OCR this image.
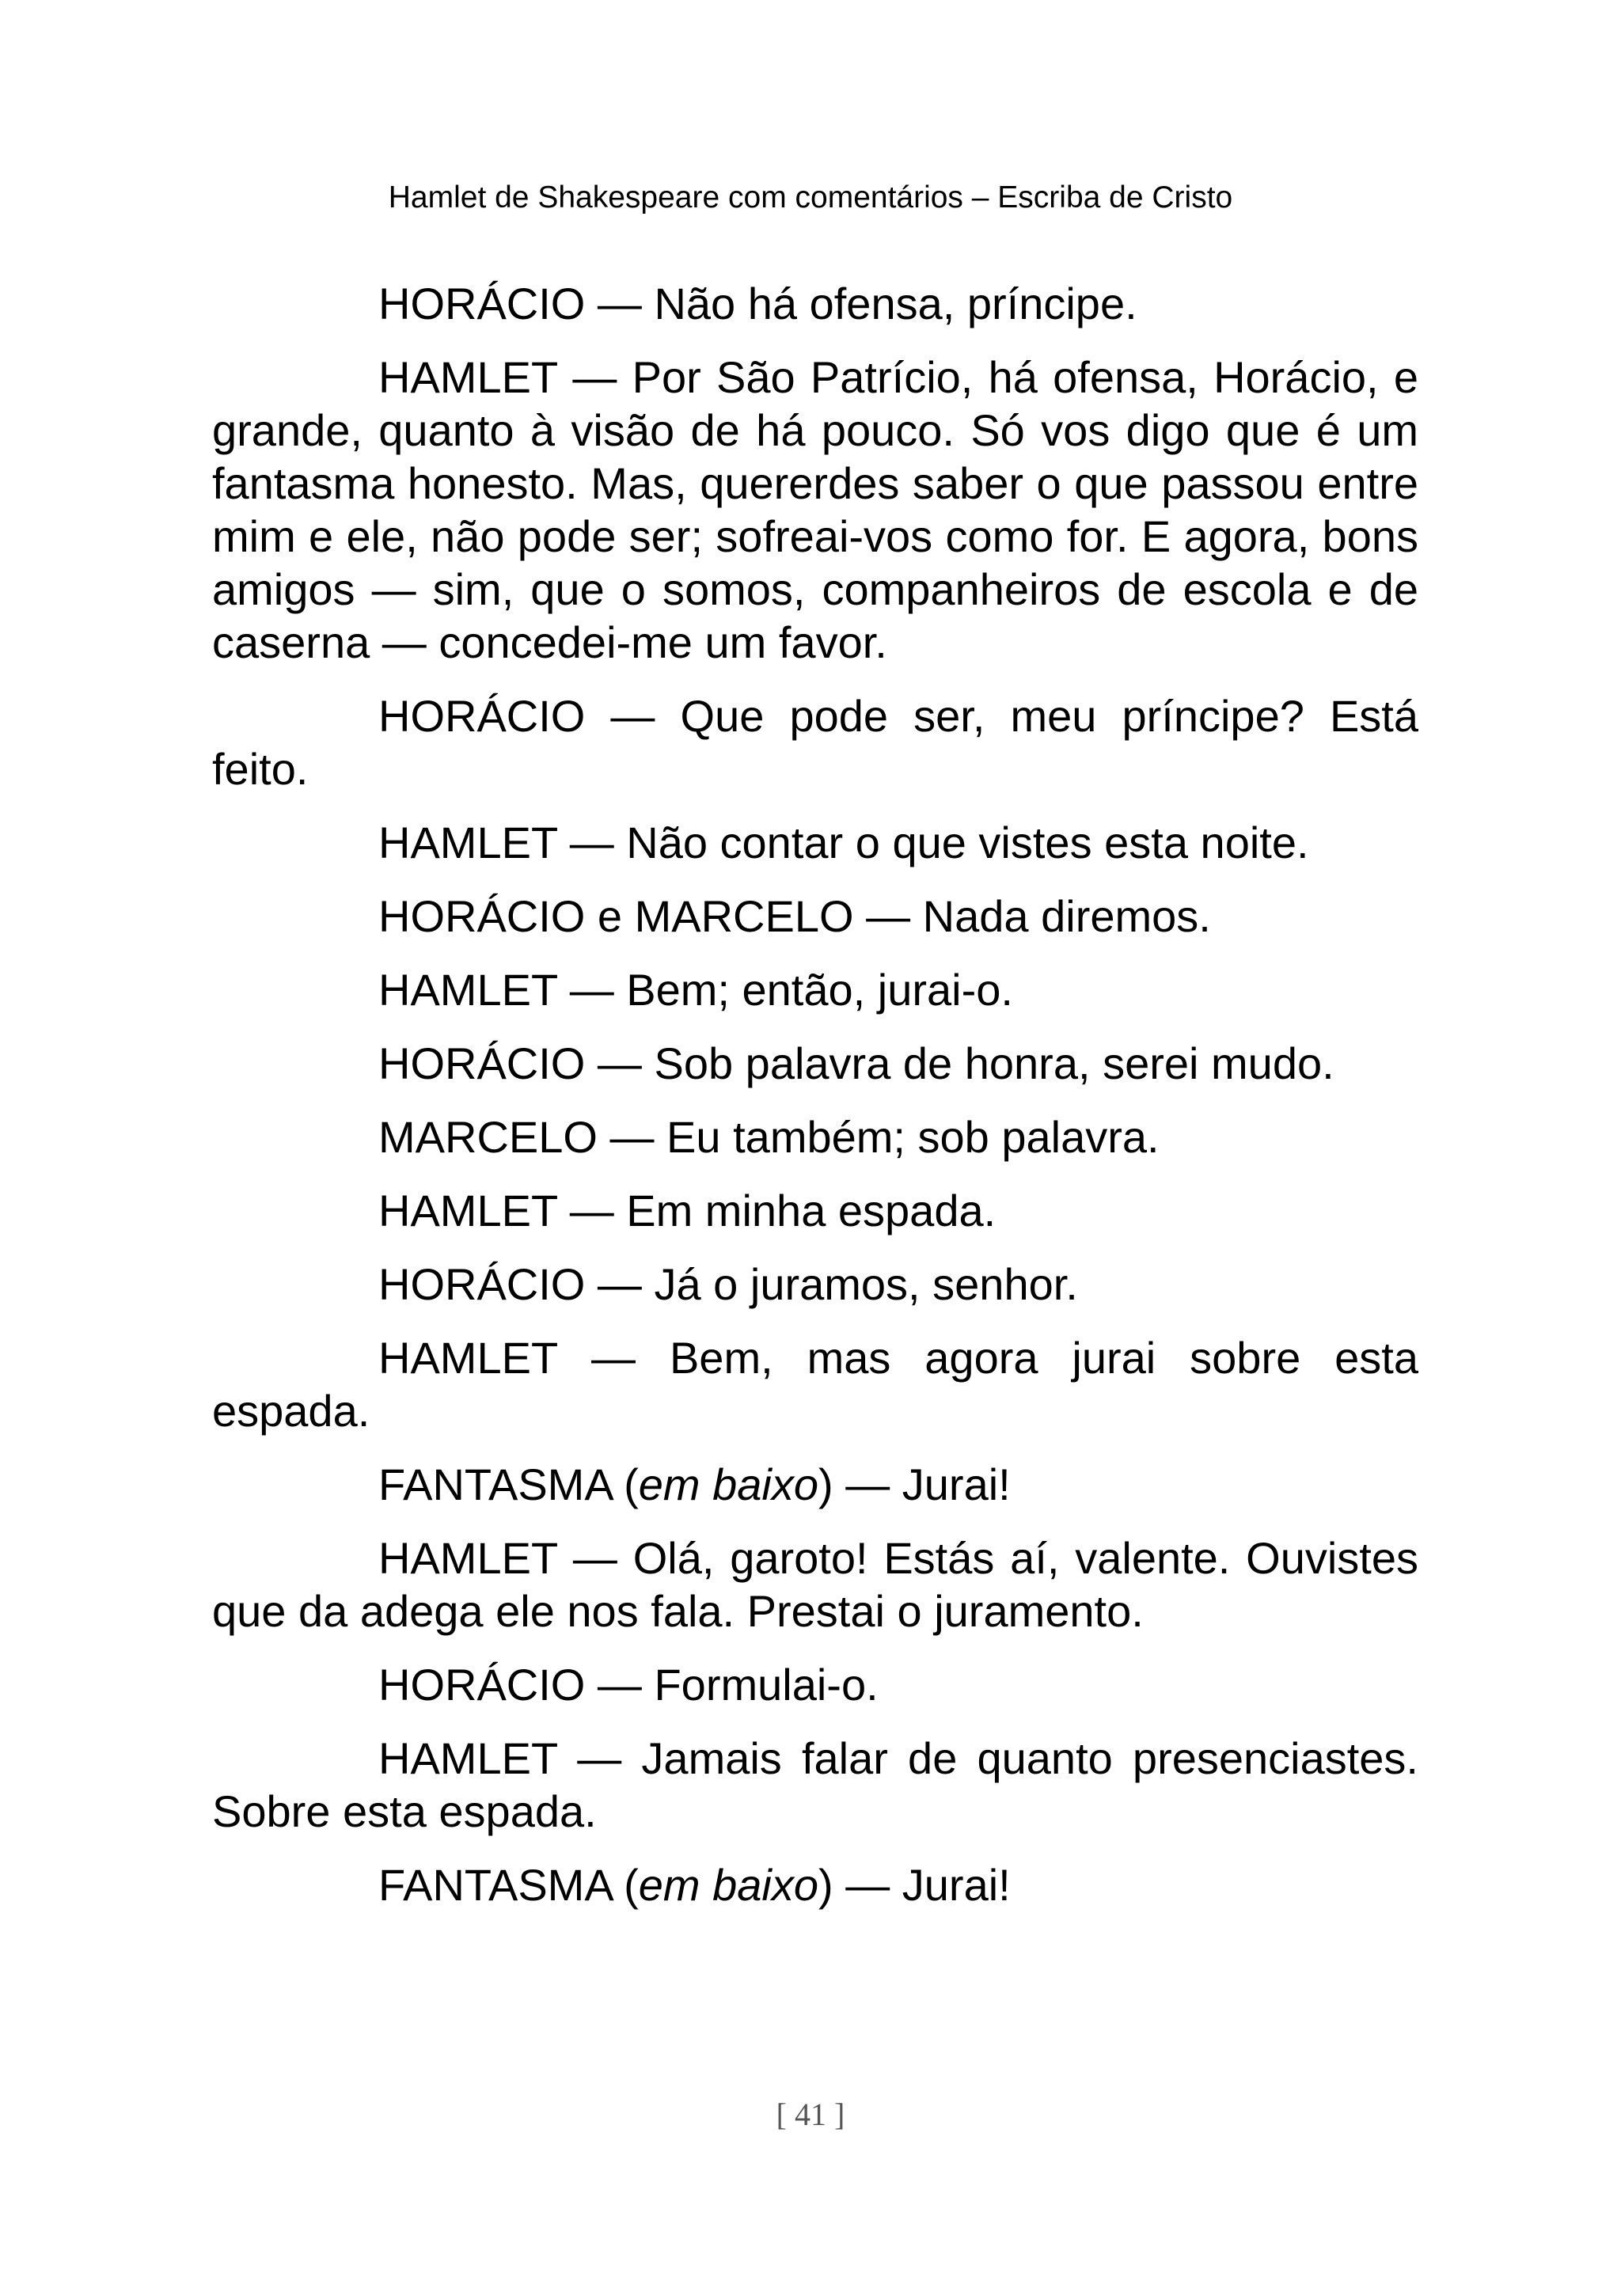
Hamlet de Shakespeare com comentários – Escriba de Cristo

HORÁCIO — Não há ofensa, príncipe.

HAMLET — Por São Patrício, há ofensa, Horácio, e grande, quanto à visão de há pouco. Só vos digo que é um fantasma honesto. Mas, quererdes saber o que passou entre mim e ele, não pode ser; sofreai-vos como for. E agora, bons amigos — sim, que o somos, companheiros de escola e de caserna — concedei-me um favor.

HORÁCIO — Que pode ser, meu príncipe? Está feito.

HAMLET — Não contar o que vistes esta noite.

HORÁCIO e MARCELO — Nada diremos.

HAMLET — Bem; então, jurai-o.

HORÁCIO — Sob palavra de honra, serei mudo.

MARCELO — Eu também; sob palavra.

HAMLET — Em minha espada.

HORÁCIO — Já o juramos, senhor.

HAMLET — Bem, mas agora jurai sobre esta espada.

FANTASMA (em baixo) — Jurai!

HAMLET — Olá, garoto! Estás aí, valente. Ouvistes que da adega ele nos fala. Prestai o juramento.

HORÁCIO — Formulai-o.

HAMLET — Jamais falar de quanto presenciastes. Sobre esta espada.

FANTASMA (em baixo) — Jurai!

[ 41 ]
